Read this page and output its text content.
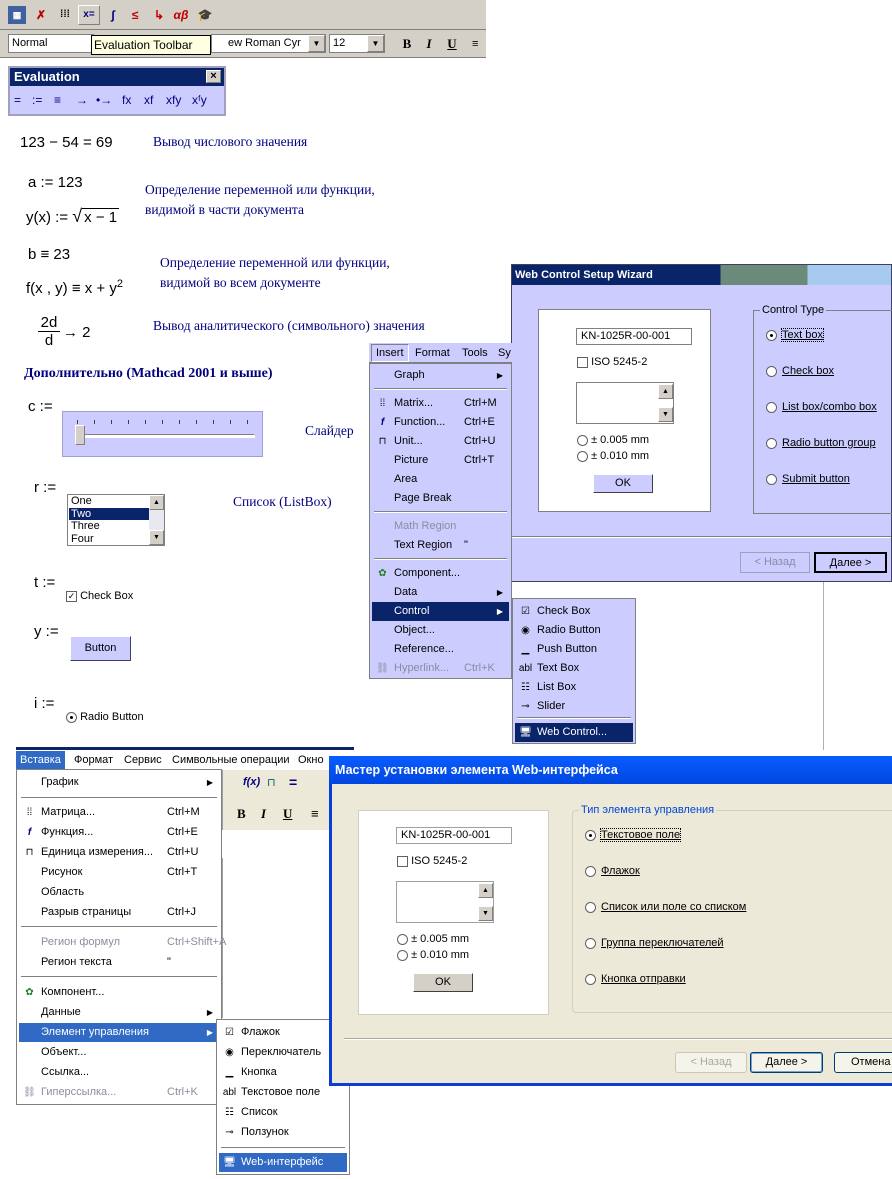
▦	✗	⁞⁞⁞	x=	∫	≤	↳ αβ 🎓
Normal	Evaluation Toolbar	ew Roman Cyr	▼	12	▼	B	I	U	≡
Evaluation	×
= := ≡ → •→ fx xf xfy xᶠy
123 − 54 = 69	Вывод числового значения
a := 123
y(x) := √ x − 1
Определение переменной или функции,
видимой в части документа
b ≡ 23
f(x , $y) \equiv x + y^2$
Определение переменной или функции,
видимой во всем документе
$\frac{2d}{d} \to 2$	Вывод аналитического (символьного) значения
Дополнительно (Mathcad 2001 и выше)
c :=
Слайдер
r :=
One
Two
Three
Four
▲
▼
Список (ListBox)
t :=
✓ Check Box
y :=
Button
i :=
Radio Button
Web Control Setup Wizard
KN-1025R-00-001
ISO 5245-2
▲
▼
± 0.005 mm
± 0.010 mm
OK
Control Type
Text box
Check box
List box/combo box
Radio button group
Submit button
< Назад	Далее >
Insert	Format Tools Sy
Graph	▶
⁞⁞ Matrix...	Ctrl+M
f Function... Ctrl+E
⊓ Unit...	Ctrl+U
Picture	Ctrl+T
Area
Page Break
Math Region
Text Region "
✿ Component...
Data	▶
Control	▶
Object...
Reference...
⛓ Hyperlink... Ctrl+K
☑ Check Box
◉ Radio Button
▁ Push Button
abl Text Box
☷ List Box
⊸ Slider
🖥 Web Control...
Вставка	Формат Сервис Символьные операции Окно
f(x) ⊓ =
B I U ≡
График	▶
⁞⁞ Матрица...	Ctrl+M
f Функция...	Ctrl+E
⊓ Единица измерения... Ctrl+U
Рисунок	Ctrl+T
Область
Разрыв страницы	Ctrl+J
Регион формул	Ctrl+Shift+A
Регион текста	"
✿ Компонент...
Данные	▶
Элемент управления	▶
Объект...
Ссылка...
⛓ Гиперссылка...	Ctrl+K
☑ Флажок
◉ Переключатель
▁ Кнопка
abl Текстовое поле
☷ Список
⊸ Ползунок
🖥 Web-интерфейс
Мастер установки элемента Web-интерфейса
KN-1025R-00-001
ISO 5245-2
▲
▼
± 0.005 mm
± 0.010 mm
OK
Тип элемента управления
Текстовое поле
Флажок
Список или поле со списком
Группа переключателей
Кнопка отправки
< Назад	Далее >	Отмена
